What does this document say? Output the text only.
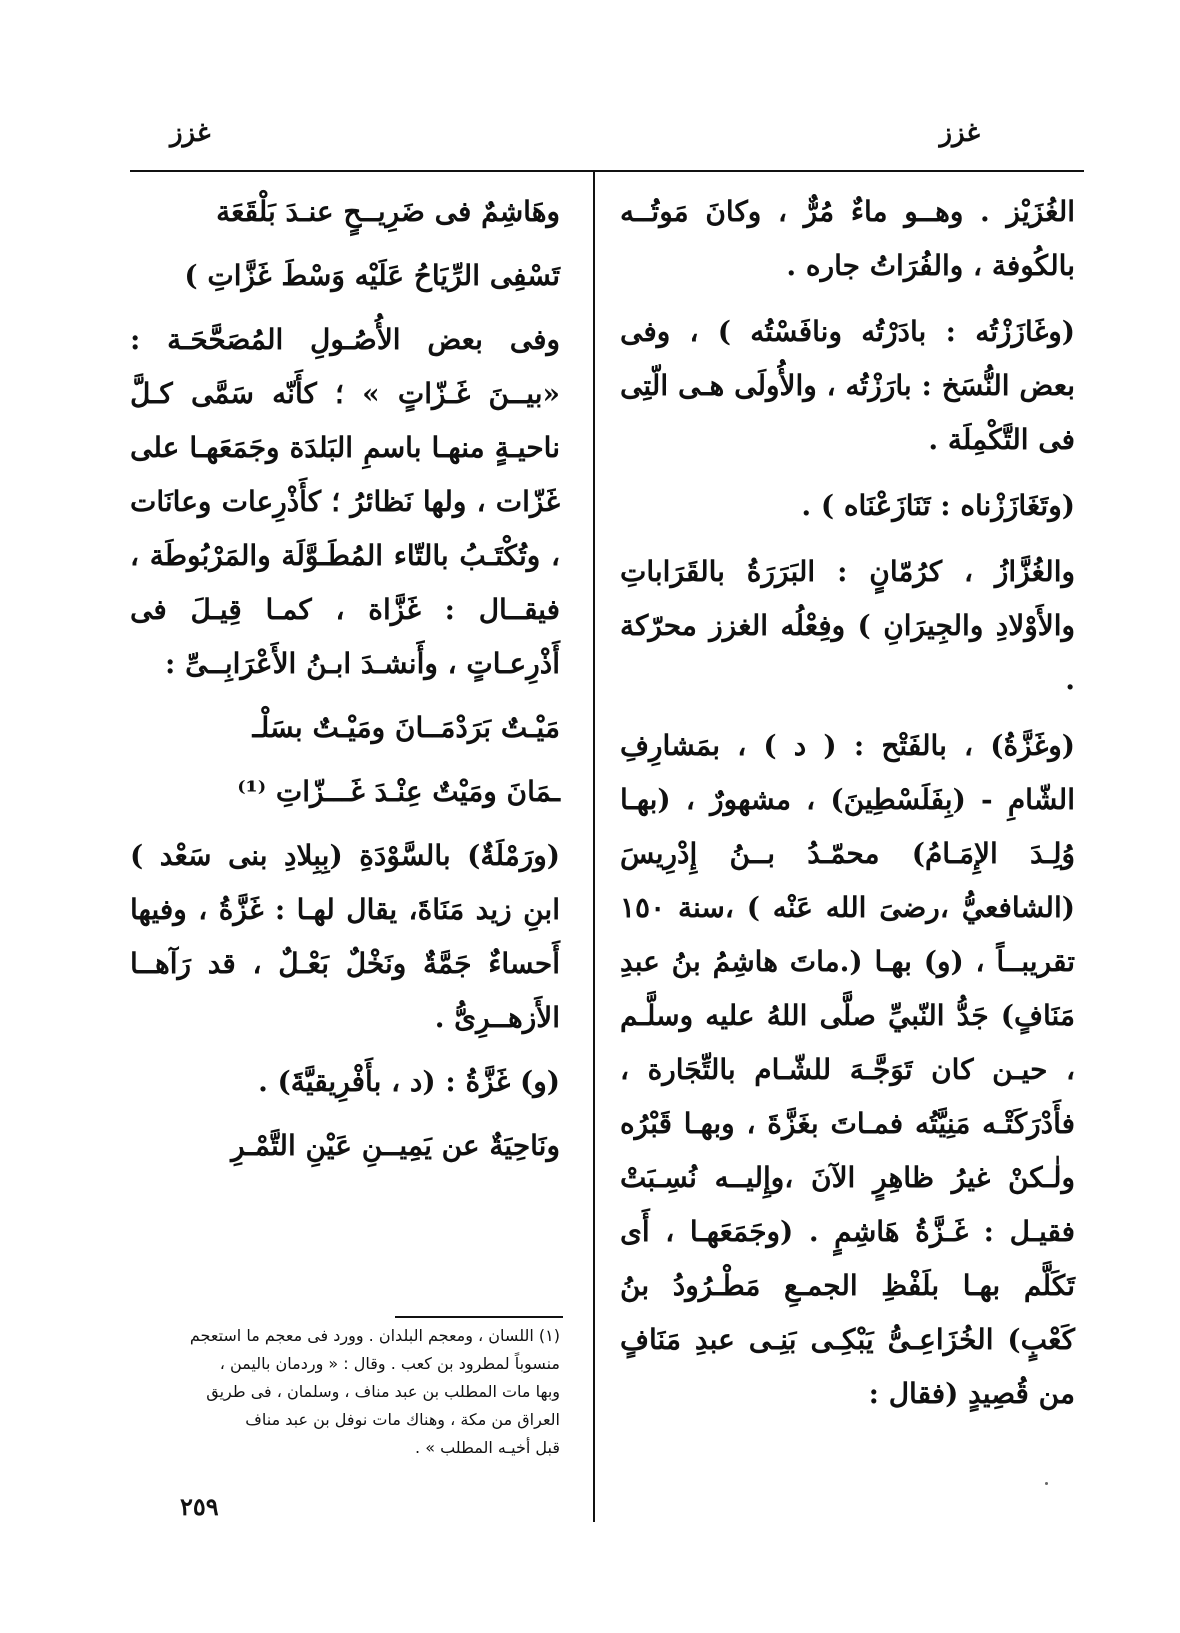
غزز
غزز

الغُزَيْز . وهــو ماءٌ مُرٌّ ، وكانَ مَوتُــه بالكُوفة ، والفُرَاتُ جاره .

(وغَازَزْتُه : بادَرْتُه ونافَسْتُه ) ، وفى بعض النُّسَخ : بارَزْتُه ، والأُولَى هـى الّتِى فى التَّكْمِلَة .

(وتَغَازَزْناه : تَنَازَعْنَاه ) .

والغُزَّازُ ، كرُمّانٍ : البَرَرَةُ بالقَرَاباتِ والأَوْلادِ والجِيرَانِ ) وفِعْلُه الغزز محرّكة .

(وغَزَّةُ) ، بالفَتْح : ( د ) ، بمَشارِفِ الشّامِ - (بِفَلَسْطِينَ) ، مشهورٌ ، (بهـا وُلِـدَ الإِمَـامُ) محمّـدُ بــنُ إِدْرِيسَ (الشافعيُّ ،رضىَ الله عَنْه ) ،سنة ١٥٠ تقريبــاً ، (و) بهـا (.ماتَ هاشِمُ بنُ عبدِ مَنَافٍ) جَدُّ النّبيِّ صلَّى اللهُ عليه وسلَّـم ، حيـن كان تَوَجَّـهَ للشّـام بالتِّجَارة ، فأَدْرَكَتْـه مَنِيَّتُه فمـاتَ بغَزَّةَ ، وبهـا قَبْرُه ولٰـكنْ غيرُ ظاهِرٍ الآنَ ،وإِليــه نُسِـبَتْ فقيـل : غَـزَّةُ هَاشِمٍ . (وجَمَعَهـا ، أَى تَكَلَّم بهـا بلَفْظِ الجمـعِ مَطْـرُودُ بنُ كَعْبٍ) الخُزَاعِـىُّ يَبْكِـى بَنِـى عبدِ مَنَافٍ من قُصِيدٍ (فقال :

وهَاشِمٌ فى ضَرِيــحٍ عنـدَ بَلْقَعَة
تَسْفِى الرِّيَاحُ عَلَيْه وَسْطَ غَزَّاتِ )

وفى بعض الأُصُـولِ المُصَحَّحَـة : «بيــنَ غَـزّاتٍ » ؛ كأَنّه سَمَّى كـلَّ ناحيـةٍ منهـا باسمِ البَلدَة وجَمَعَهـا على غَزّات ، ولها نَظائرُ ؛ كأَذْرِعات وعانَات ، وتُكْتَـبُ بالتّاء المُطَـوَّلَة والمَرْبُوطَة ، فيقــال : غَزَّاة ، كمـا قِيـلَ فى أَذْرِعـاتٍ ، وأَنشـدَ ابـنُ الأَعْرَابِــىِّ :

مَيْـتٌ بَرَدْمَــانَ ومَيْـتٌ بسَلْـ
ـمَانَ ومَيْتٌ عِنْـدَ غَـــزّاتِ ⁽¹⁾

(ورَمْلَةٌ) بالسَّوْدَةِ (بِبِلادِ بنى سَعْد ) ابنِ زيد مَنَاةَ، يقال لهـا : غَزَّةُ ، وفيها أَحساءٌ جَمَّةٌ ونَخْلٌ بَعْـلٌ ، قد رَآهــا الأَزهــرِىُّ .

(و) غَزَّةُ : (د ، بأَفْرِيقيَّةَ) .

ونَاحِيَةٌ عن يَمِيــنِ عَيْنِ التَّمْـرِ

(١) اللسان ، ومعجم البلدان . وورد فى معجم ما استعجم
منسوباً لمطرود بن كعب . وقال : « وردمان باليمن ،
وبها مات المطلب بن عبد مناف ، وسلمان ، فى طريق
العراق من مكة ، وهناك مات نوفل بن عبد مناف
قبل أخيـه المطلب » .
٢٥٩
